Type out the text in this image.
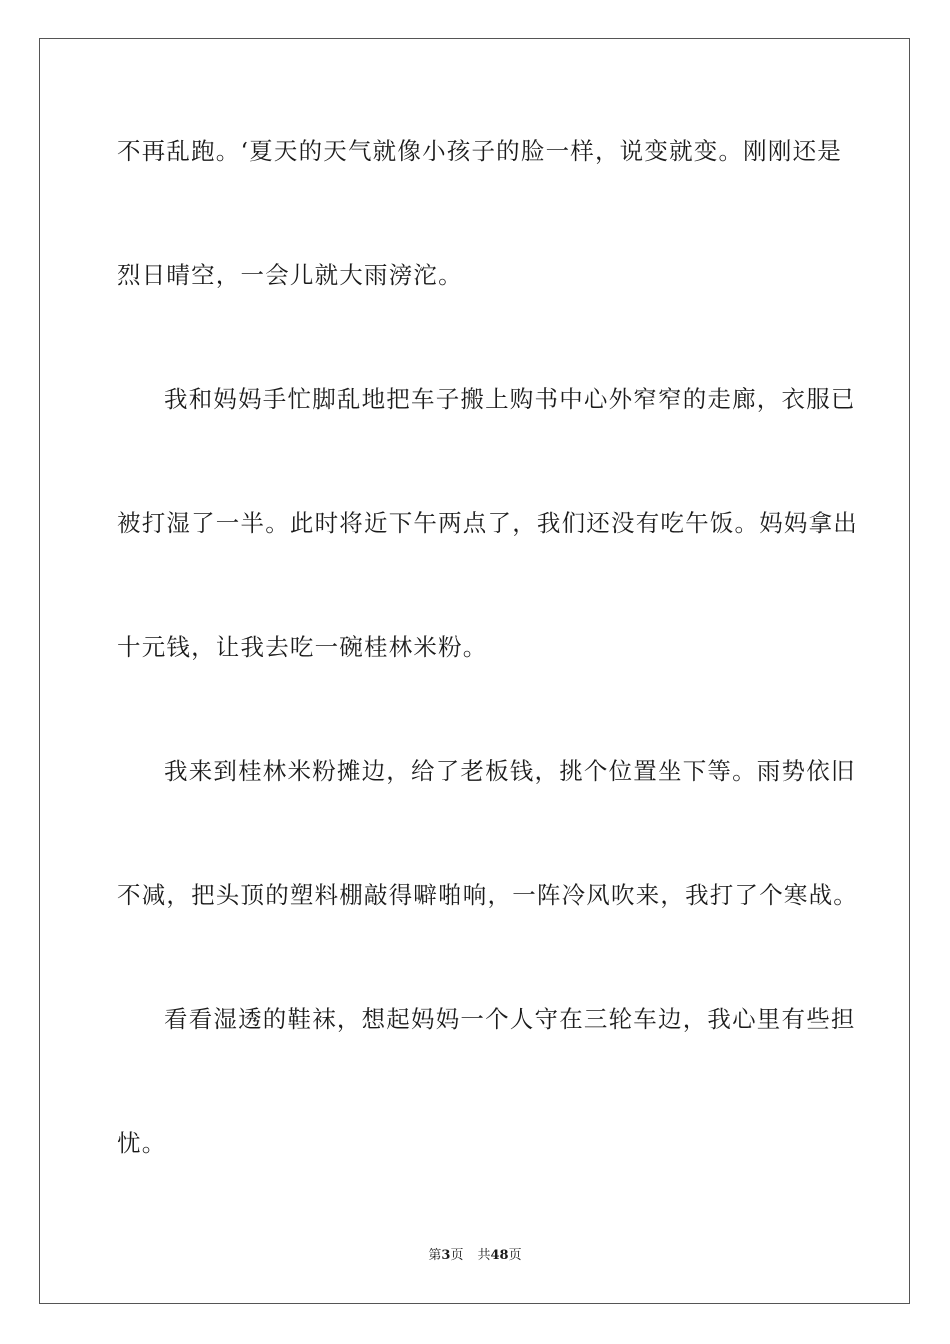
不再乱跑。‘夏天的天气就像小孩子的脸一样，说变就变。刚刚还是
烈日晴空，一会儿就大雨滂沱。
我和妈妈手忙脚乱地把车子搬上购书中心外窄窄的走廊，衣服已
被打湿了一半。此时将近下午两点了，我们还没有吃午饭。妈妈拿出
十元钱，让我去吃一碗桂林米粉。
我来到桂林米粉摊边，给了老板钱，挑个位置坐下等。雨势依旧
不减，把头顶的塑料棚敲得噼啪响，一阵冷风吹来，我打了个寒战。
看看湿透的鞋袜，想起妈妈一个人守在三轮车边，我心里有些担
忧。
第3页 共48页
